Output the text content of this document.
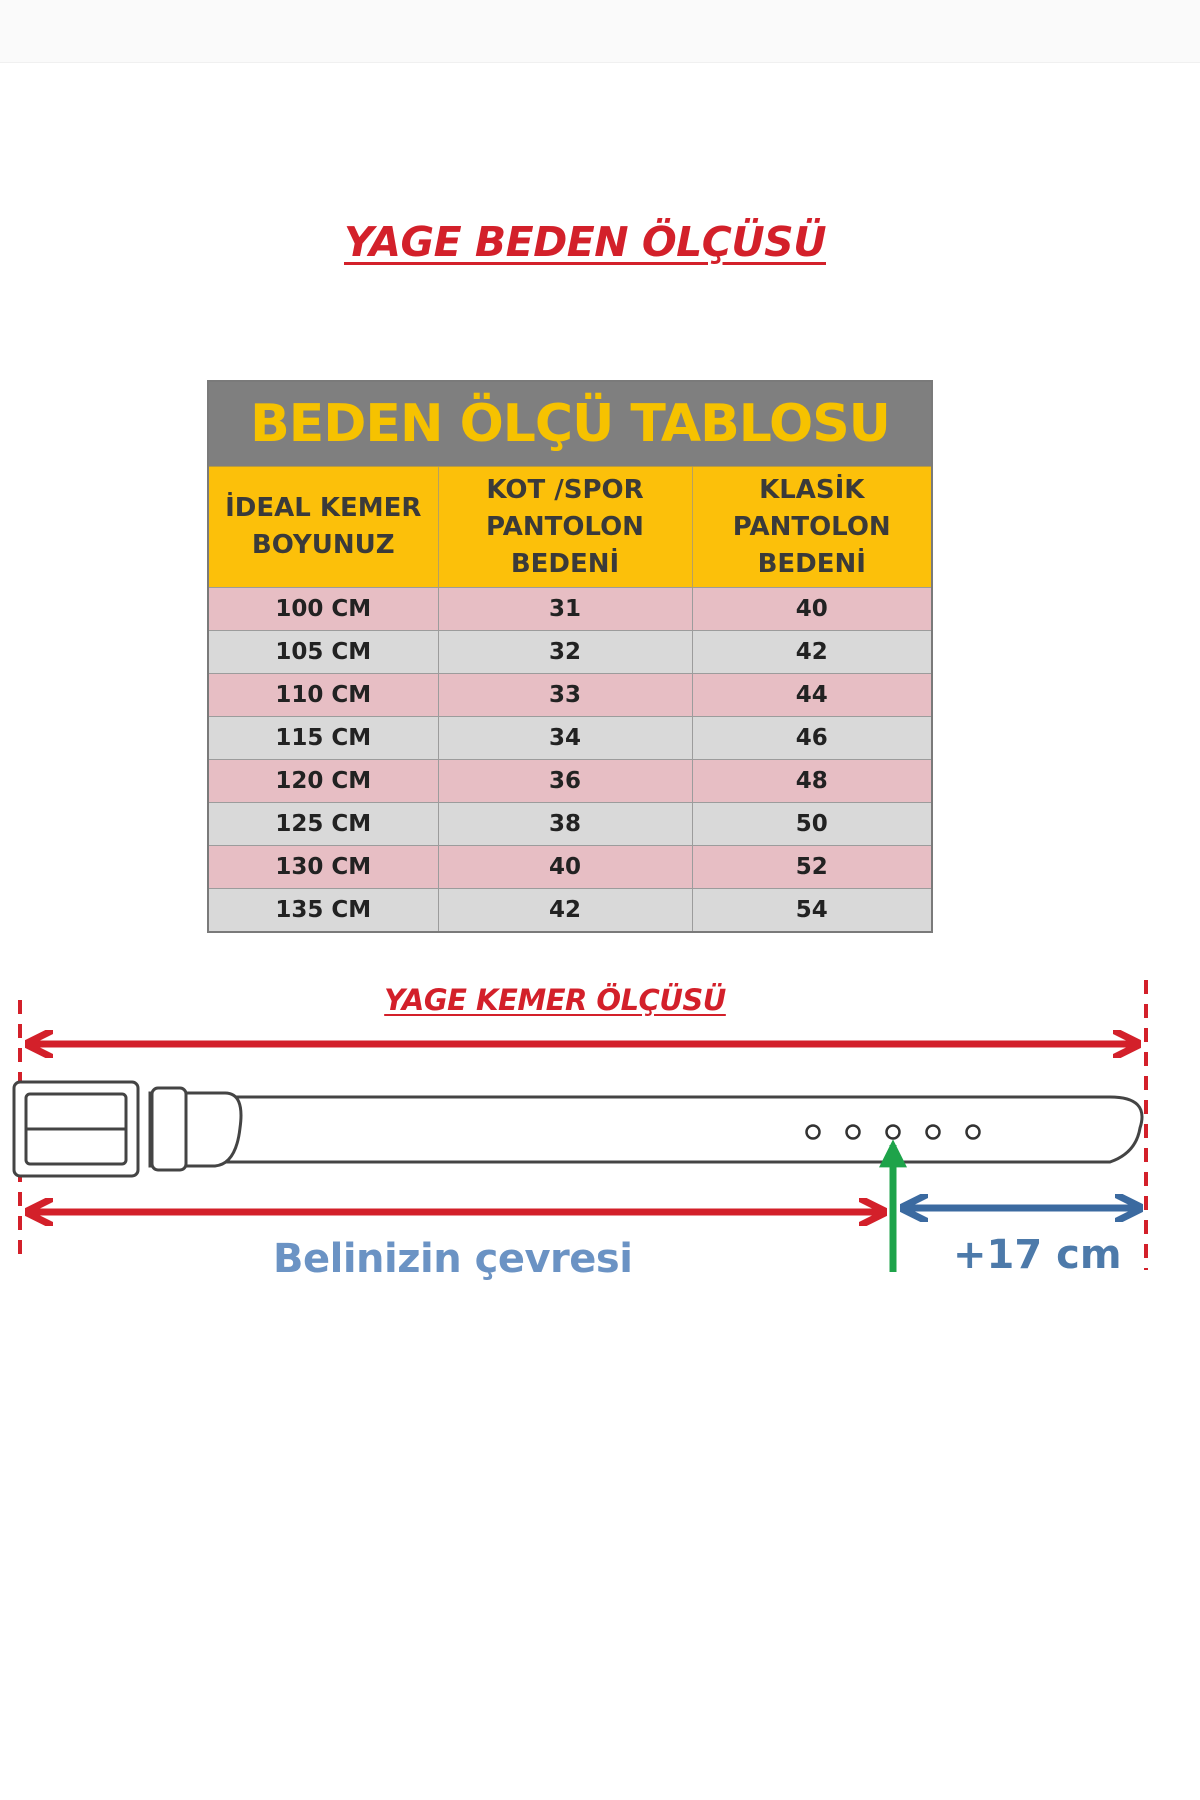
YAGE BEDEN ÖLÇÜSÜ
BEDEN ÖLÇÜ TABLOSU		
İDEAL KEMER BOYUNUZ	KOT /SPOR PANTOLON BEDENİ	KLASİK PANTOLON BEDENİ
100 CM	31	40
105 CM	32	42
110 CM	33	44
115 CM	34	46
120 CM	36	48
125 CM	38	50
130 CM	40	52
135 CM	42	54
YAGE KEMER ÖLÇÜSÜ
Belinizin çevresi	+17 cm
